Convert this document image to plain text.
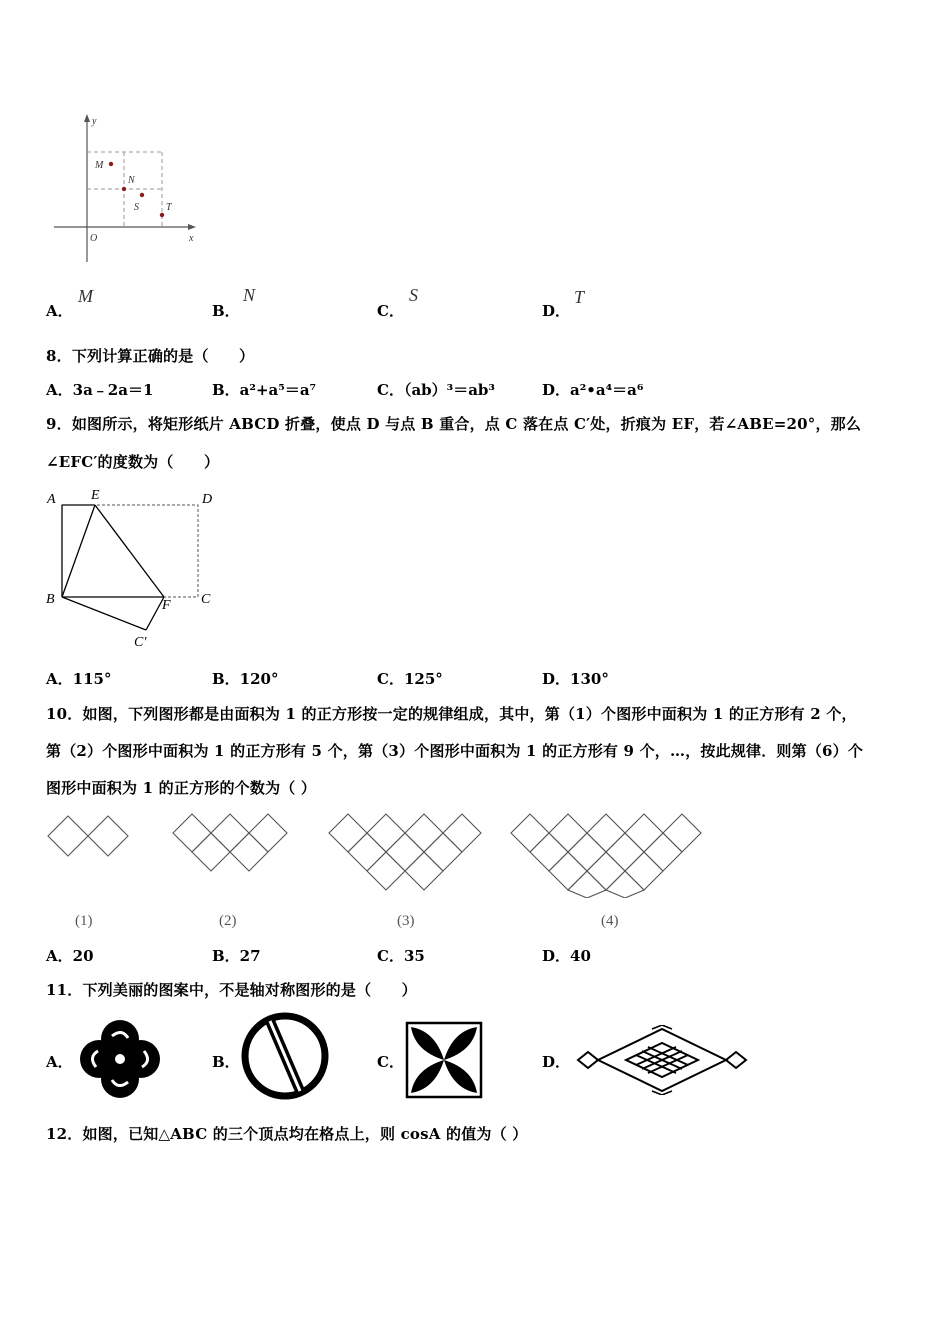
y
x
O
M
N
S	T
A．
M
B．
N
C．
S
D．
T
8．下列计算正确的是（　　）
A．3a﹣2a＝1	B．a²+a⁵＝a⁷	C．（ab）³＝ab³	D．a²•a⁴＝a⁶
9．如图所示，将矩形纸片 ABCD 折叠，使点 D 与点 B 重合，点 C 落在点 C′处，折痕为 EF，若∠ABE=20°，那么
∠EFC′的度数为（　　）
A	E	D
B	F C
C′
A．115°	B．120°	C．125°	D．130°
10．如图，下列图形都是由面积为 1 的正方形按一定的规律组成，其中，第（1）个图形中面积为 1 的正方形有 2 个，
第（2）个图形中面积为 1 的正方形有 5 个，第（3）个图形中面积为 1 的正方形有 9 个，…，按此规律．则第（6）个
图形中面积为 1 的正方形的个数为（ ）
(1)	(2)	(3)	(4)
A．20	B．27	C．35	D．40
11．下列美丽的图案中，不是轴对称图形的是（　　）
A．	B．	C．	D．
12．如图，已知△ABC 的三个顶点均在格点上，则 cosA 的值为（ ）
